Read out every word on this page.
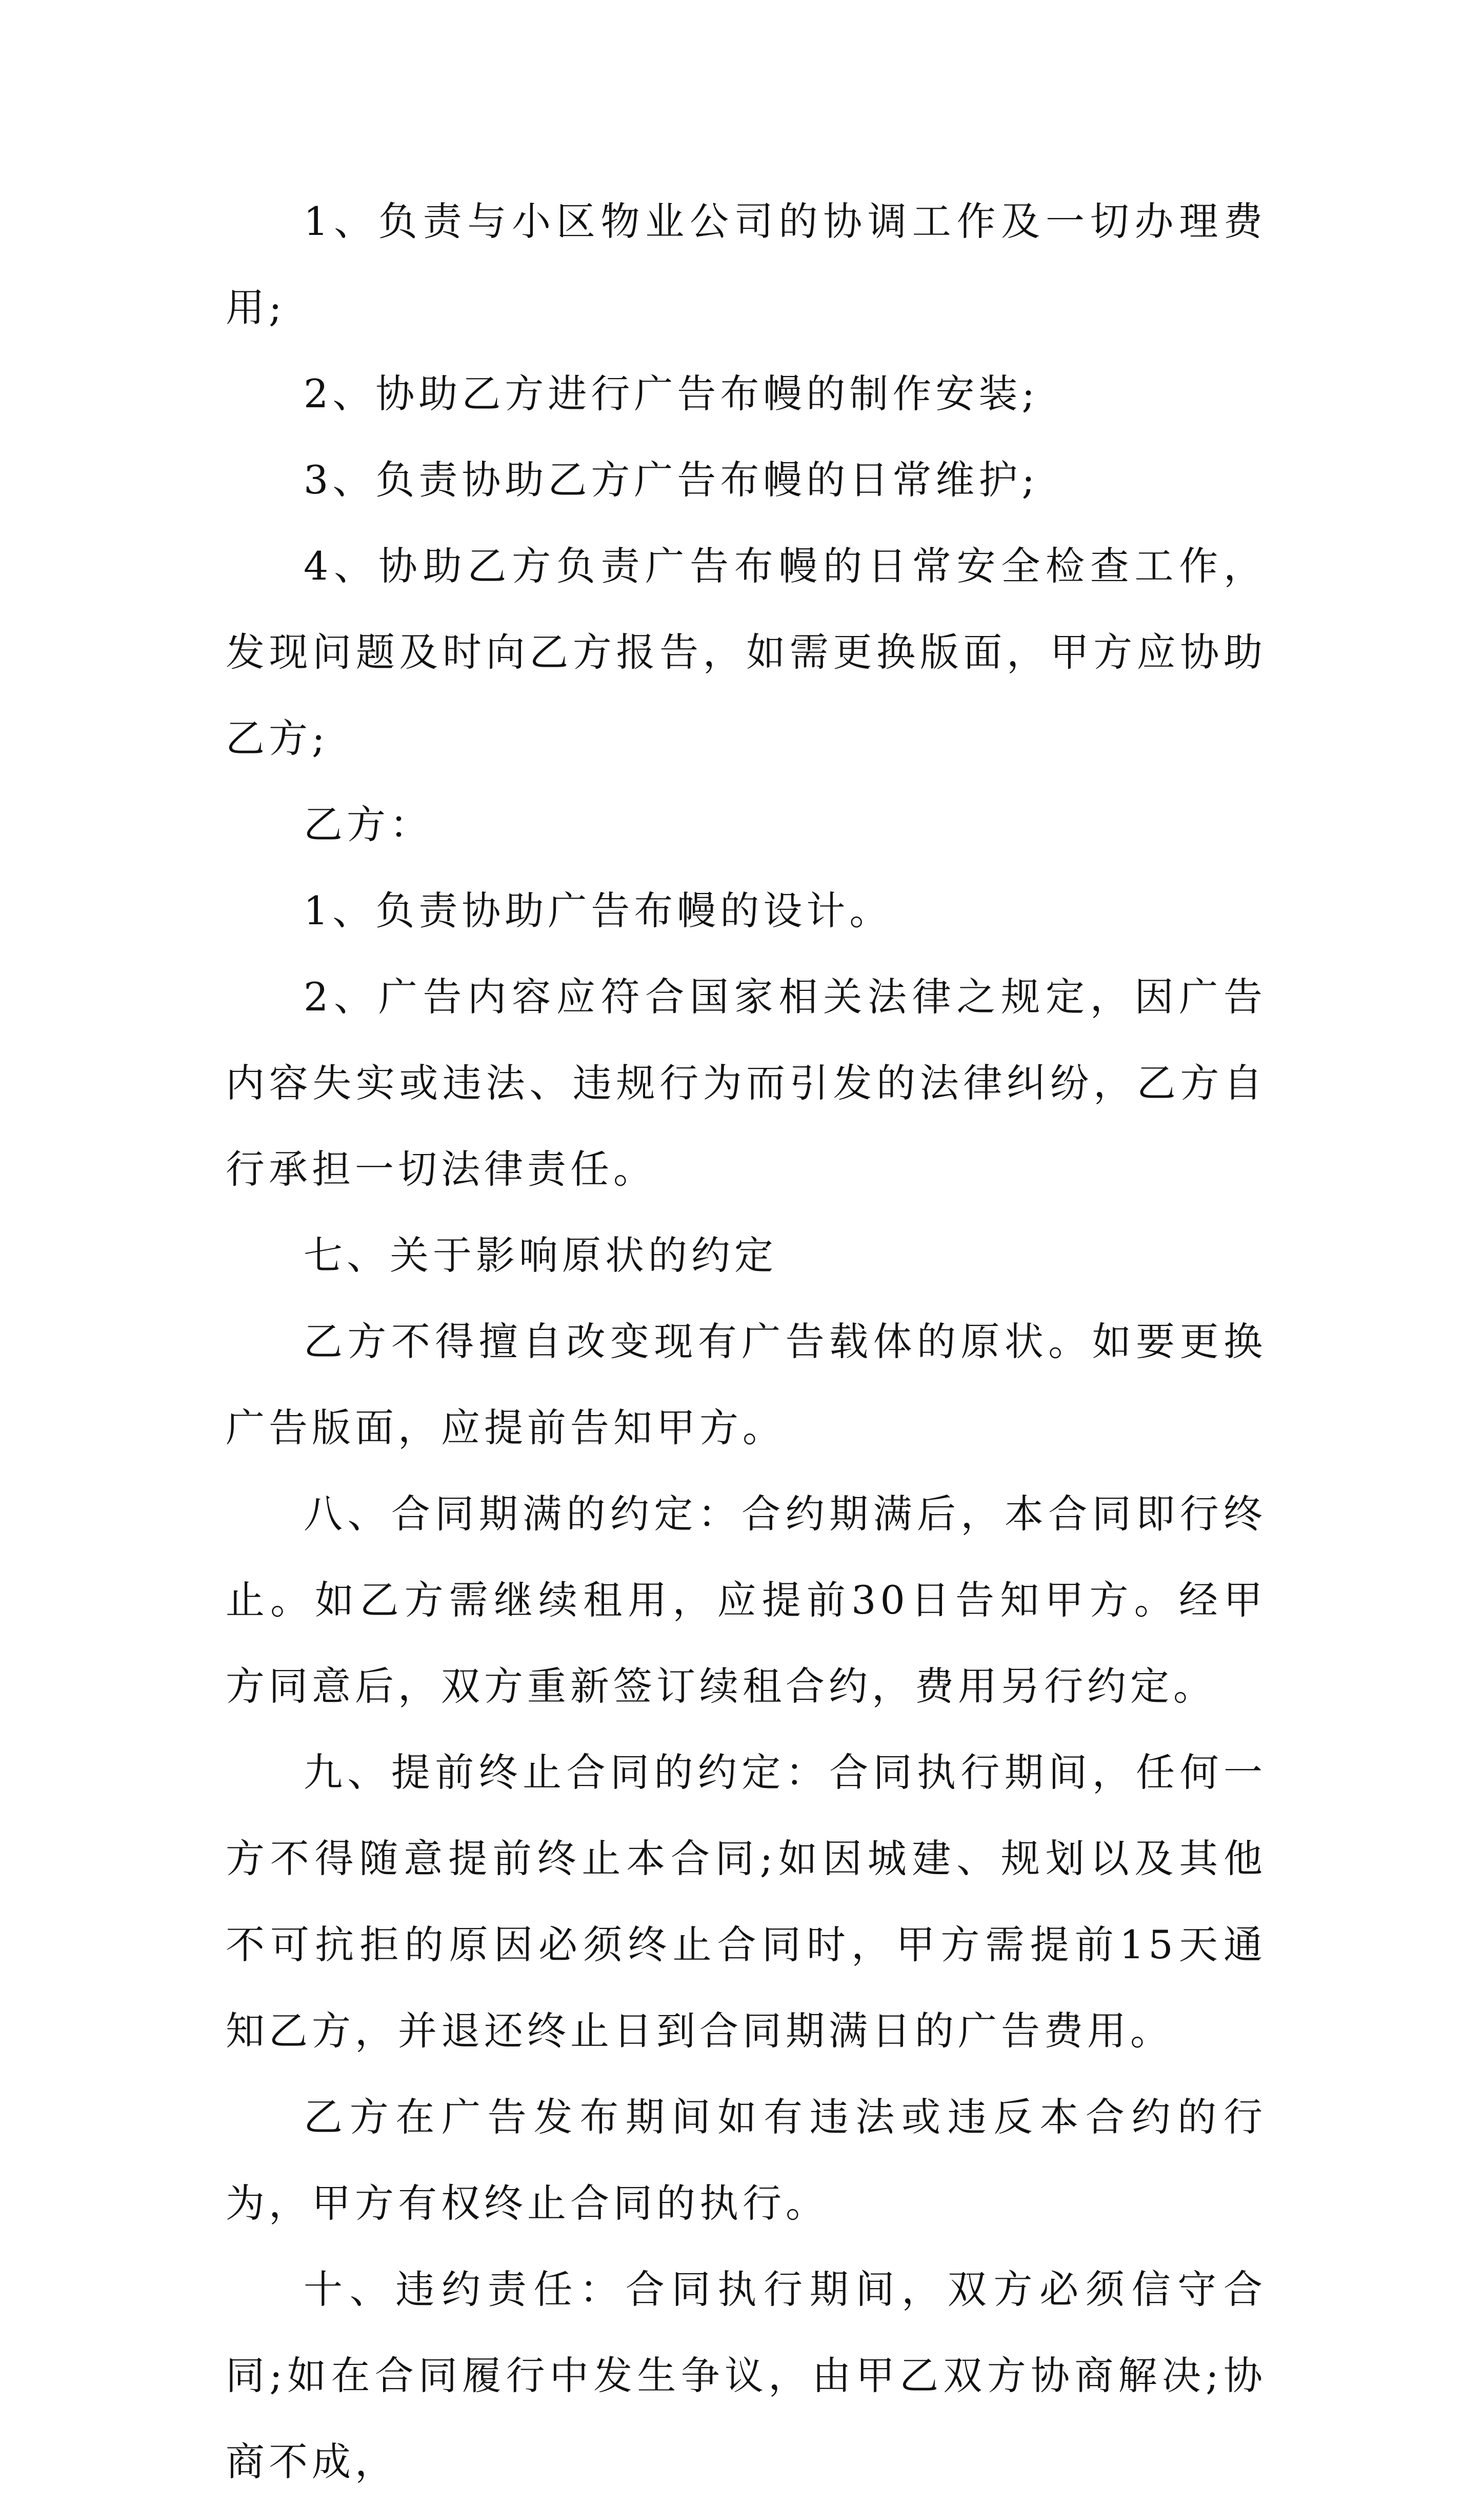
1、负责与小区物业公司的协调工作及一切办理费用;

2、协助乙方进行广告布幔的制作安装;

3、负责协助乙方广告布幔的日常维护;

4、协助乙方负责广告布幔的日常安全检查工作，发现问题及时向乙方报告，如需更换版面，甲方应协助乙方;

乙方：

1、负责协助广告布幔的设计。

2、广告内容应符合国家相关法律之规定，因广告内容失实或违法、违规行为而引发的法律纠纷，乙方自行承担一切法律责任。

七、关于影响原状的约定

乙方不得擅自改变现有广告载体的原状。如要更换广告版面，应提前告知甲方。

八、合同期满的约定：合约期满后，本合同即行终止。如乙方需继续租用，应提前30日告知甲方。经甲方同意后，双方重新签订续租合约，费用另行约定。

九、提前终止合同的约定：合同执行期间，任何一方不得随意提前终止本合同;如因城建、规划以及其他不可抗拒的原因必须终止合同时，甲方需提前15天通知乙方，并退还终止日到合同期满日的广告费用。

乙方在广告发布期间如有违法或违反本合约的行为，甲方有权终止合同的执行。

十、违约责任：合同执行期间，双方必须信守合同;如在合同履行中发生争议，由甲乙双方协商解决;协商不成，
